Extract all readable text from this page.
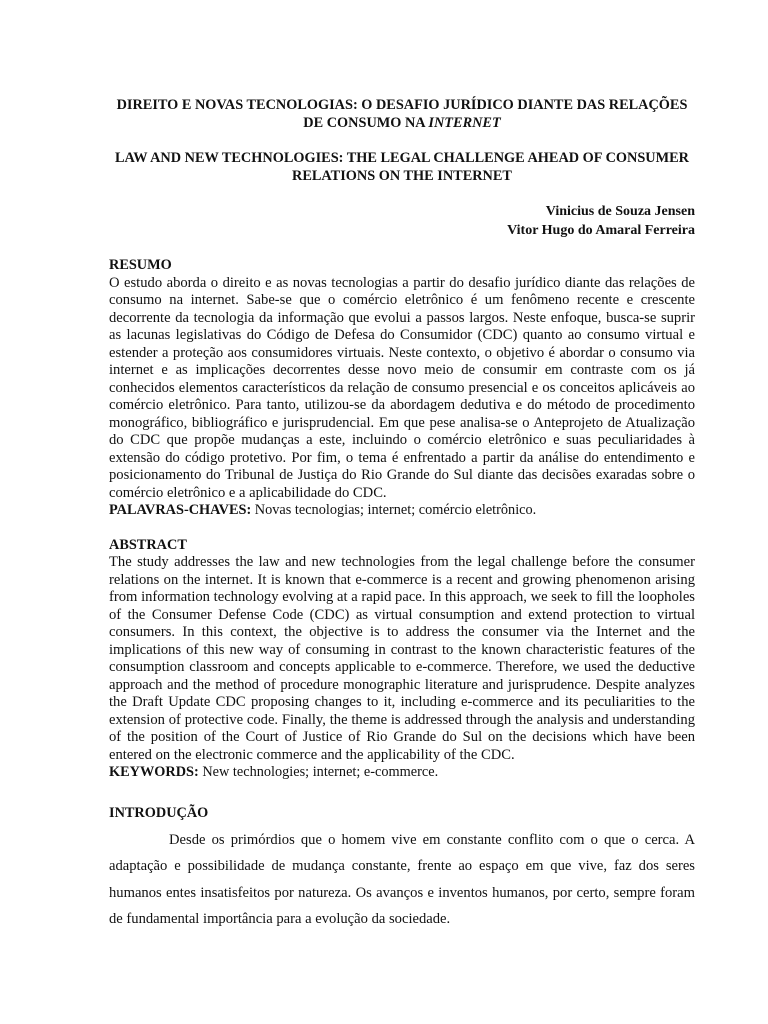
DIREITO E NOVAS TECNOLOGIAS: O DESAFIO JURÍDICO DIANTE DAS RELAÇÕES DE CONSUMO NA INTERNET
LAW AND NEW TECHNOLOGIES: THE LEGAL CHALLENGE AHEAD OF CONSUMER RELATIONS ON THE INTERNET
Vinicius de Souza Jensen
Vitor Hugo do Amaral Ferreira

RESUMO

O estudo aborda o direito e as novas tecnologias a partir do desafio jurídico diante das relações de consumo na internet. Sabe-se que o comércio eletrônico é um fenômeno recente e crescente decorrente da tecnologia da informação que evolui a passos largos. Neste enfoque, busca-se suprir as lacunas legislativas do Código de Defesa do Consumidor (CDC) quanto ao consumo virtual e estender a proteção aos consumidores virtuais. Neste contexto, o objetivo é abordar o consumo via internet e as implicações decorrentes desse novo meio de consumir em contraste com os já conhecidos elementos característicos da relação de consumo presencial e os conceitos aplicáveis ao comércio eletrônico. Para tanto, utilizou-se da abordagem dedutiva e do método de procedimento monográfico, bibliográfico e jurisprudencial. Em que pese analisa-se o Anteprojeto de Atualização do CDC que propõe mudanças a este, incluindo o comércio eletrônico e suas peculiaridades à extensão do código protetivo. Por fim, o tema é enfrentado a partir da análise do entendimento e posicionamento do Tribunal de Justiça do Rio Grande do Sul diante das decisões exaradas sobre o comércio eletrônico e a aplicabilidade do CDC.

PALAVRAS-CHAVES: Novas tecnologias; internet; comércio eletrônico.

ABSTRACT

The study addresses the law and new technologies from the legal challenge before the consumer relations on the internet. It is known that e-commerce is a recent and growing phenomenon arising from information technology evolving at a rapid pace. In this approach, we seek to fill the loopholes of the Consumer Defense Code (CDC) as virtual consumption and extend protection to virtual consumers. In this context, the objective is to address the consumer via the Internet and the implications of this new way of consuming in contrast to the known characteristic features of the consumption classroom and concepts applicable to e-commerce. Therefore, we used the deductive approach and the method of procedure monographic literature and jurisprudence. Despite analyzes the Draft Update CDC proposing changes to it, including e-commerce and its peculiarities to the extension of protective code. Finally, the theme is addressed through the analysis and understanding of the position of the Court of Justice of Rio Grande do Sul on the decisions which have been entered on the electronic commerce and the applicability of the CDC.

KEYWORDS: New technologies; internet; e-commerce.

INTRODUÇÃO

Desde os primórdios que o homem vive em constante conflito com o que o cerca. A adaptação e possibilidade de mudança constante, frente ao espaço em que vive, faz dos seres humanos entes insatisfeitos por natureza. Os avanços e inventos humanos, por certo, sempre foram de fundamental importância para a evolução da sociedade.
